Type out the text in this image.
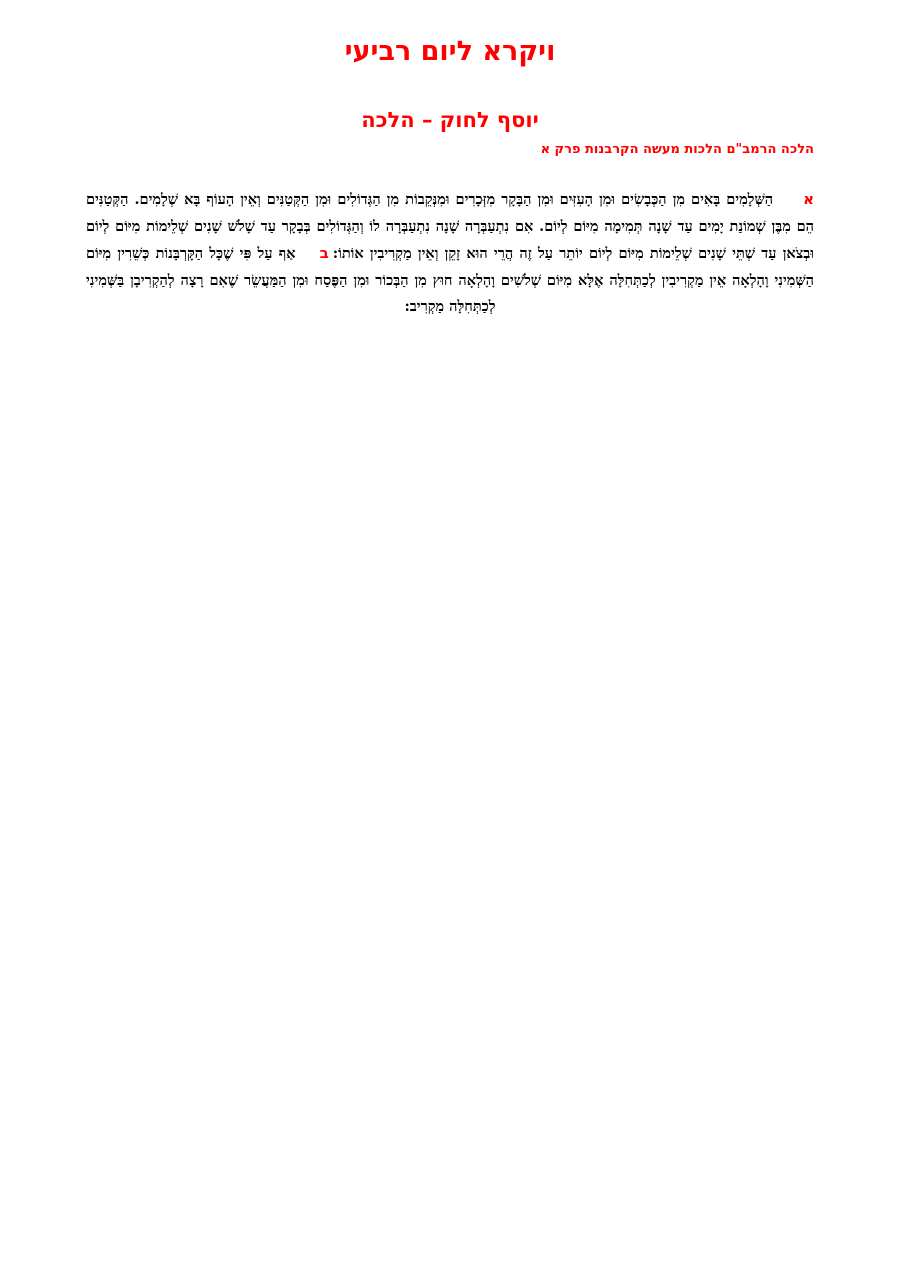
ויקרא ליום רביעי
יוסף לחוק – הלכה
הלכה הרמב"ם הלכות מעשה הקרבנות פרק א

אהַשְּׁלָמִים בָּאִים מִן הַכְּבָשִׂים וּמִן הָעִזִּים וּמִן הַבָּקָר מִזְּכָרִים וּמִנְּקֵבוֹת מִן הַגְּדוֹלִים וּמִן הַקְּטַנִּים וְאֵין הָעוֹף בָּא שְׁלָמִים. הַקְּטַנִּים הֵם מִבֶּן שְׁמוֹנַת יָמִים עַד שָׁנָה תְּמִימָה מִיּוֹם לְיוֹם. אִם נִתְעַבְּרָה שָׁנָה נִתְעַבְּרָה לוֹ וְהַגְּדוֹלִים בְּבָקָר עַד שָׁלֹשׁ שָׁנִים שְׁלֵימוֹת מִיּוֹם לְיוֹם וּבְצֹאן עַד שְׁתֵּי שָׁנִים שְׁלֵימוֹת מִיּוֹם לְיוֹם יוֹתֵר עַל זֶה הֲרֵי הוּא זָקֵן וְאֵין מַקְרִיבִין אוֹתוֹ:באַף עַל פִּי שֶׁכָּל הַקָּרְבָּנוֹת כְּשֵׁרִין מִיּוֹם הַשְּׁמִינִי וָהָלְאָה אֵין מַקְרִיבִין לְכַתְּחִלָּה אֶלָּא מִיּוֹם שְׁלֹשִׁים וָהָלְאָה חוּץ מִן הַבְּכוֹר וּמִן הַפֶּסַח וּמִן הַמַּעֲשֵׂר שֶׁאִם רָצָה לְהַקְרִיבָן בַּשְּׁמִינִי לְכַתְּחִלָּה מַקְרִיב:
